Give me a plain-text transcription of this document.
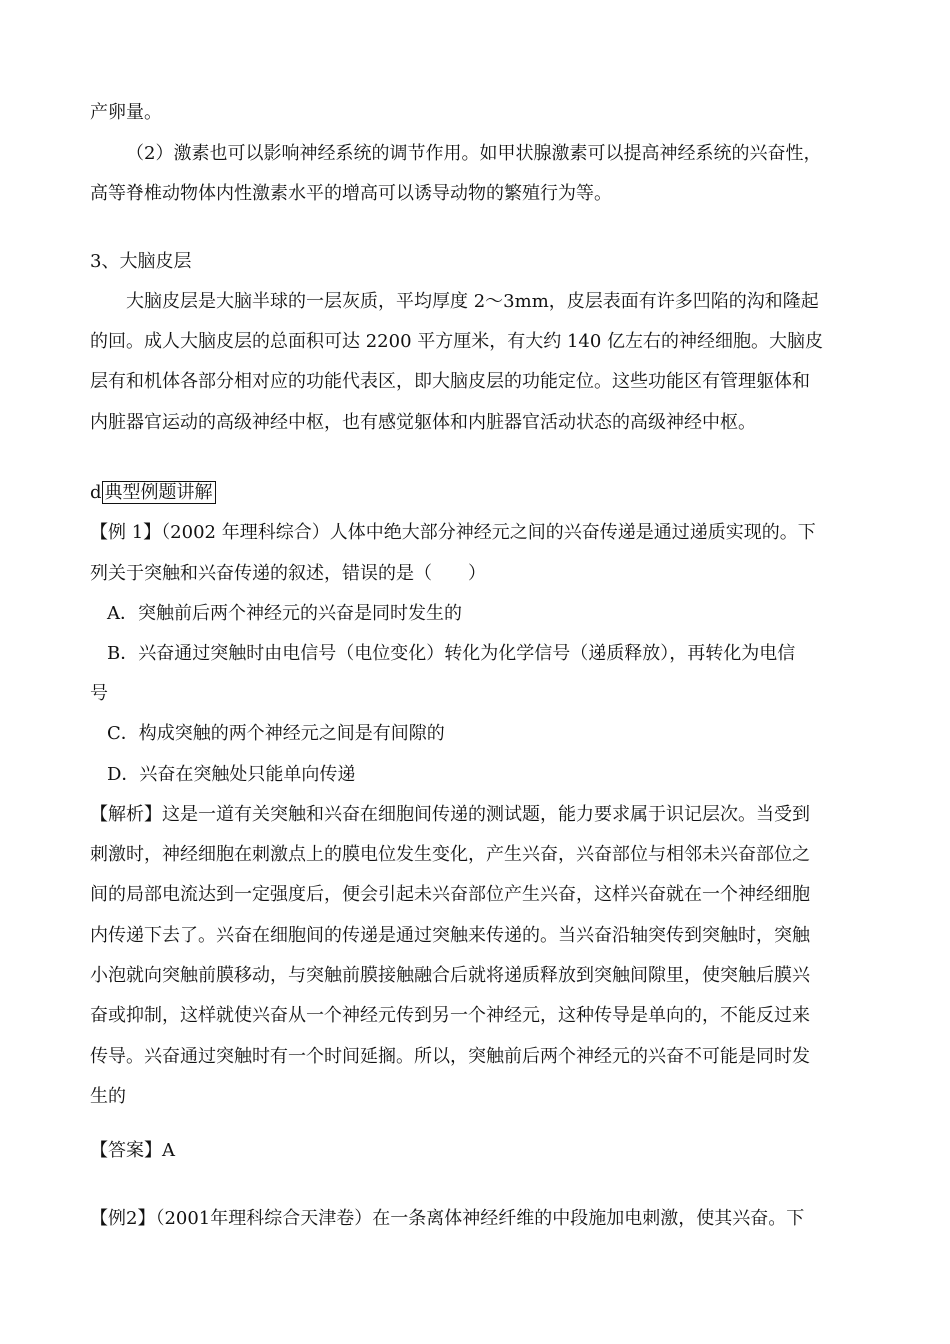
产卵量。
（2）激素也可以影响神经系统的调节作用。如甲状腺激素可以提高神经系统的兴奋性，
高等脊椎动物体内性激素水平的增高可以诱导动物的繁殖行为等。
3、大脑皮层
大脑皮层是大脑半球的一层灰质，平均厚度 2～3mm，皮层表面有许多凹陷的沟和隆起
的回。成人大脑皮层的总面积可达 2200 平方厘米，有大约 140 亿左右的神经细胞。大脑皮
层有和机体各部分相对应的功能代表区，即大脑皮层的功能定位。这些功能区有管理躯体和
内脏器官运动的高级神经中枢，也有感觉躯体和内脏器官活动状态的高级神经中枢。
d 典型例题讲解
【例 1】（2002 年理科综合）人体中绝大部分神经元之间的兴奋传递是通过递质实现的。下
列关于突触和兴奋传递的叙述，错误的是（　　）
A．突触前后两个神经元的兴奋是同时发生的
B．兴奋通过突触时由电信号（电位变化）转化为化学信号（递质释放），再转化为电信
号
C．构成突触的两个神经元之间是有间隙的
D．兴奋在突触处只能单向传递
【解析】这是一道有关突触和兴奋在细胞间传递的测试题，能力要求属于识记层次。当受到
刺激时，神经细胞在刺激点上的膜电位发生变化，产生兴奋，兴奋部位与相邻未兴奋部位之
间的局部电流达到一定强度后，便会引起未兴奋部位产生兴奋，这样兴奋就在一个神经细胞
内传递下去了。兴奋在细胞间的传递是通过突触来传递的。当兴奋沿轴突传到突触时，突触
小泡就向突触前膜移动，与突触前膜接触融合后就将递质释放到突触间隙里，使突触后膜兴
奋或抑制，这样就使兴奋从一个神经元传到另一个神经元，这种传导是单向的，不能反过来
传导。兴奋通过突触时有一个时间延搁。所以，突触前后两个神经元的兴奋不可能是同时发
生的
【答案】A
【例2】（2001年理科综合天津卷）在一条离体神经纤维的中段施加电刺激，使其兴奋。下
